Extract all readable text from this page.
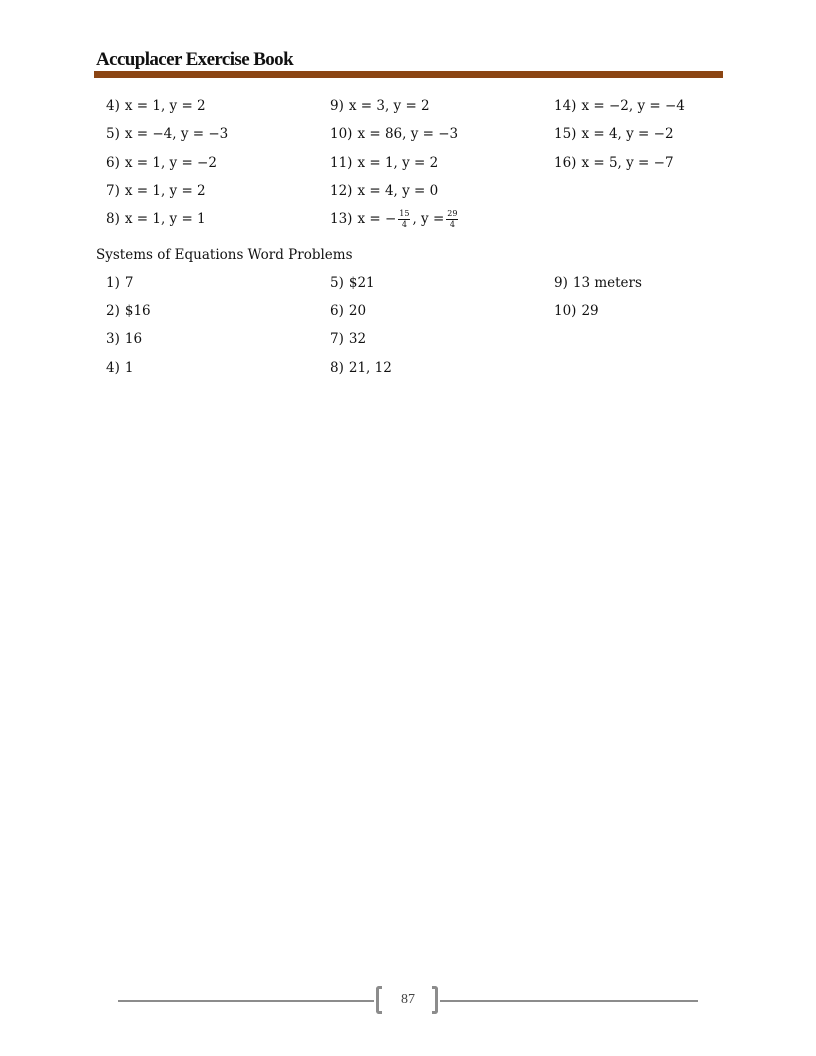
Accuplacer Exercise Book
4) x = 1, y = 2
5) x = −4, y = −3
6) x = 1, y = −2
7) x = 1, y = 2
8) x = 1, y = 1
9) x = 3, y = 2
10) x = 86, y = −3
11) x = 1, y = 2
12) x = 4, y = 0
13) x = − $\frac{15}{4}$ , $y = \frac{29}{4}$
14) x = −2, y = −4
15) x = 4, y = −2
16) x = 5, y = −7
Systems of Equations Word Problems
1) 7
2) $16
3) 16
4) 1
5) $21
6) 20
7) 32
8) 21, 12
9) 13 meters
10) 29
87
